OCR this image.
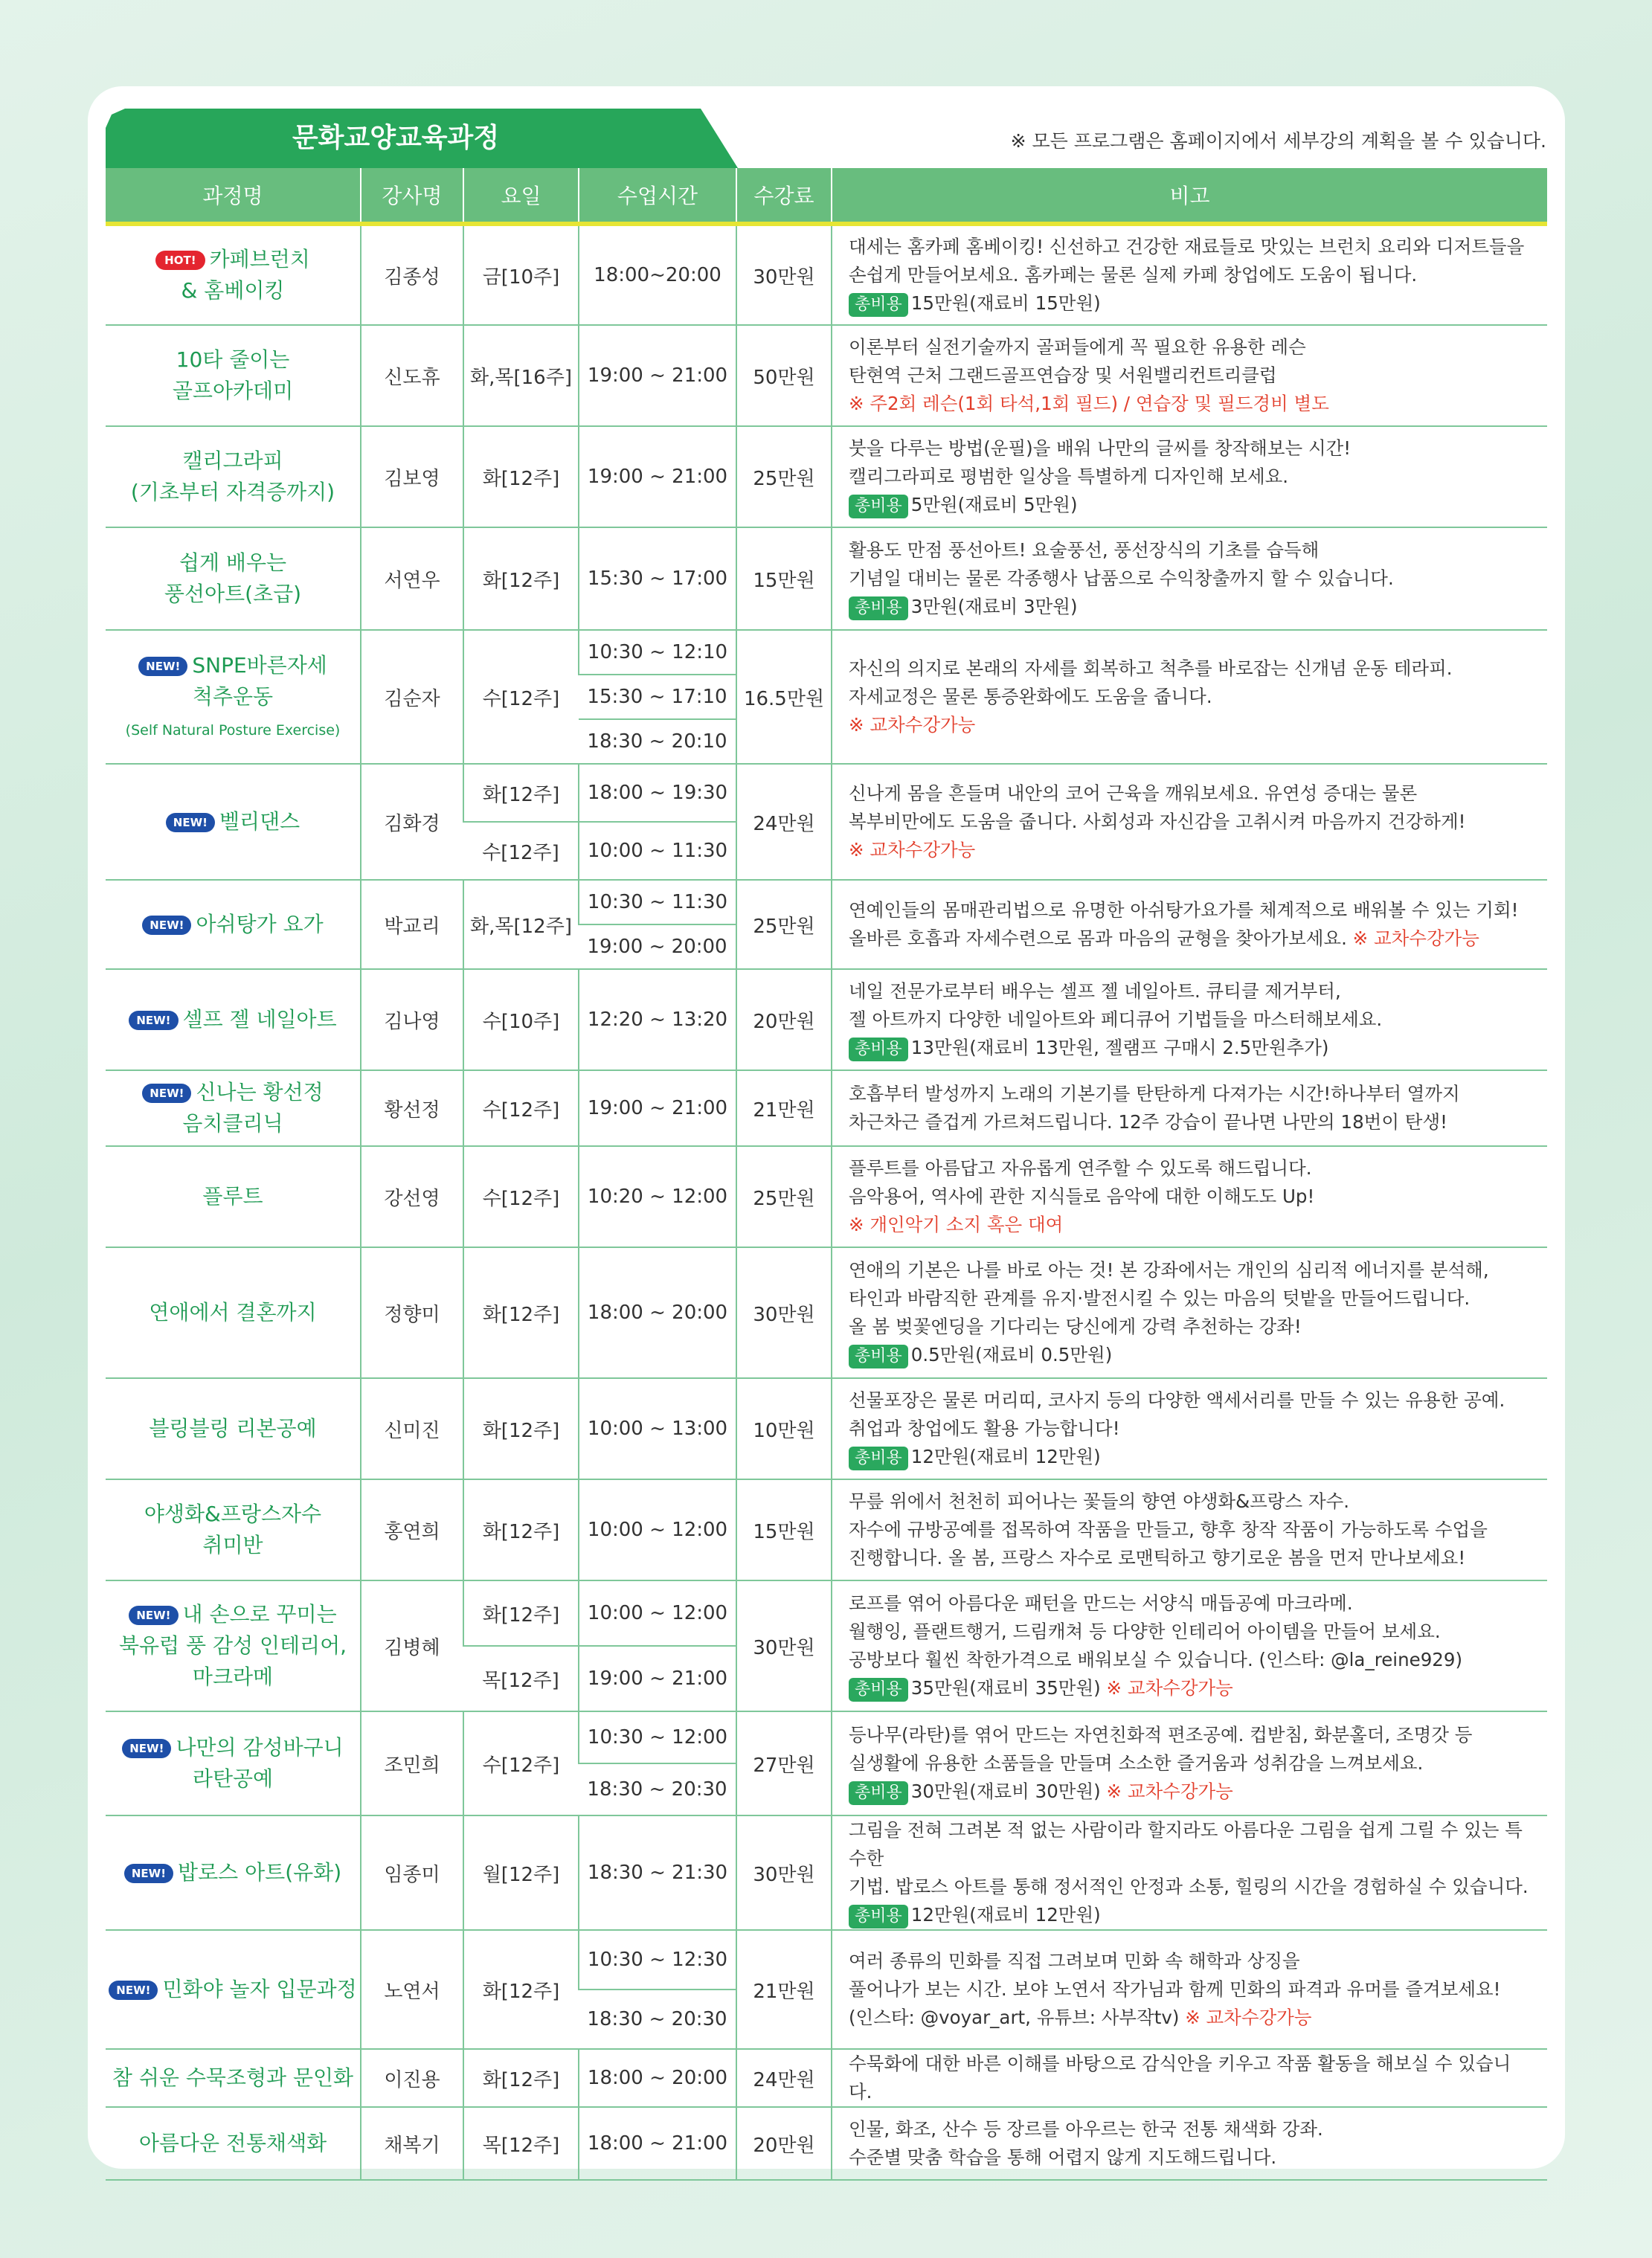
문화교양교육과정	※ 모든 프로그램은 홈페이지에서 세부강의 계획을 볼 수 있습니다.
과정명	강사명	요일	수업시간	수강료	비고
HOT! 카페브런치
& 홈베이킹	김종성	금[10주]	18:00~20:00	30만원	대세는 홈카페 홈베이킹! 신선하고 건강한 재료들로 맛있는 브런치 요리와 디저트들을
손쉽게 만들어보세요. 홈카페는 물론 실제 카페 창업에도 도움이 됩니다.
총비용 15만원(재료비 15만원)
10타 줄이는
골프아카데미	신도휴	화,목[16주]	19:00 ~ 21:00	50만원	이론부터 실전기술까지 골퍼들에게 꼭 필요한 유용한 레슨
탄현역 근처 그랜드골프연습장 및 서원밸리컨트리클럽
※ 주2회 레슨(1회 타석,1회 필드) / 연습장 및 필드경비 별도
캘리그라피
(기초부터 자격증까지)	김보영	화[12주]	19:00 ~ 21:00	25만원	붓을 다루는 방법(운필)을 배워 나만의 글씨를 창작해보는 시간!
캘리그라피로 평범한 일상을 특별하게 디자인해 보세요.
총비용 5만원(재료비 5만원)
쉽게 배우는
풍선아트(초급)	서연우	화[12주]	15:30 ~ 17:00	15만원	활용도 만점 풍선아트! 요술풍선, 풍선장식의 기초를 습득해
기념일 대비는 물론 각종행사 납품으로 수익창출까지 할 수 있습니다.
총비용 3만원(재료비 3만원)
NEW! SNPE바른자세
척추운동
(Self Natural Posture Exercise)	김순자	수[12주]	10:30 ~ 12:10	16.5만원	자신의 의지로 본래의 자세를 회복하고 척추를 바로잡는 신개념 운동 테라피.
자세교정은 물론 통증완화에도 도움을 줍니다.
※ 교차수강가능
			15:30 ~ 17:10		
			18:30 ~ 20:10		
NEW! 벨리댄스	김화경	화[12주]	18:00 ~ 19:30	24만원	신나게 몸을 흔들며 내안의 코어 근육을 깨워보세요. 유연성 증대는 물론
복부비만에도 도움을 줍니다. 사회성과 자신감을 고취시켜 마음까지 건강하게!
※ 교차수강가능
		수[12주]	10:00 ~ 11:30		
NEW! 아쉬탕가 요가	박교리	화,목[12주]	10:30 ~ 11:30	25만원	연예인들의 몸매관리법으로 유명한 아쉬탕가요가를 체계적으로 배워볼 수 있는 기회!
올바른 호흡과 자세수련으로 몸과 마음의 균형을 찾아가보세요. ※ 교차수강가능
			19:00 ~ 20:00		
NEW! 셀프 젤 네일아트	김나영	수[10주]	12:20 ~ 13:20	20만원	네일 전문가로부터 배우는 셀프 젤 네일아트. 큐티클 제거부터,
젤 아트까지 다양한 네일아트와 페디큐어 기법들을 마스터해보세요.
총비용 13만원(재료비 13만원, 젤램프 구매시 2.5만원추가)
NEW! 신나는 황선정
음치클리닉	황선정	수[12주]	19:00 ~ 21:00	21만원	호흡부터 발성까지 노래의 기본기를 탄탄하게 다져가는 시간!하나부터 열까지
차근차근 즐겁게 가르쳐드립니다. 12주 강습이 끝나면 나만의 18번이 탄생!
플루트	강선영	수[12주]	10:20 ~ 12:00	25만원	플루트를 아름답고 자유롭게 연주할 수 있도록 해드립니다.
음악용어, 역사에 관한 지식들로 음악에 대한 이해도도 Up!
※ 개인악기 소지 혹은 대여
연애에서 결혼까지	정향미	화[12주]	18:00 ~ 20:00	30만원	연애의 기본은 나를 바로 아는 것! 본 강좌에서는 개인의 심리적 에너지를 분석해,
타인과 바람직한 관계를 유지·발전시킬 수 있는 마음의 텃밭을 만들어드립니다.
올 봄 벚꽃엔딩을 기다리는 당신에게 강력 추천하는 강좌!
총비용 0.5만원(재료비 0.5만원)
블링블링 리본공예	신미진	화[12주]	10:00 ~ 13:00	10만원	선물포장은 물론 머리띠, 코사지 등의 다양한 액세서리를 만들 수 있는 유용한 공예.
취업과 창업에도 활용 가능합니다!
총비용 12만원(재료비 12만원)
야생화&프랑스자수
취미반	홍연희	화[12주]	10:00 ~ 12:00	15만원	무릎 위에서 천천히 피어나는 꽃들의 향연 야생화&프랑스 자수.
자수에 규방공예를 접목하여 작품을 만들고, 향후 창작 작품이 가능하도록 수업을
진행합니다. 올 봄, 프랑스 자수로 로맨틱하고 향기로운 봄을 먼저 만나보세요!
NEW! 내 손으로 꾸미는
북유럽 풍 감성 인테리어,
마크라메	김병혜	화[12주]	10:00 ~ 12:00	30만원	로프를 엮어 아름다운 패턴을 만드는 서양식 매듭공예 마크라메.
월행잉, 플랜트행거, 드림캐쳐 등 다양한 인테리어 아이템을 만들어 보세요.
공방보다 훨씬 착한가격으로 배워보실 수 있습니다. (인스타: @la_reine929)
총비용 35만원(재료비 35만원) ※ 교차수강가능
		목[12주]	19:00 ~ 21:00		
NEW! 나만의 감성바구니
라탄공예	조민희	수[12주]	10:30 ~ 12:00	27만원	등나무(라탄)를 엮어 만드는 자연친화적 편조공예. 컵받침, 화분홀더, 조명갓 등
실생활에 유용한 소품들을 만들며 소소한 즐거움과 성취감을 느껴보세요.
총비용 30만원(재료비 30만원) ※ 교차수강가능
			18:30 ~ 20:30		
NEW! 밥로스 아트(유화)	임종미	월[12주]	18:30 ~ 21:30	30만원	그림을 전혀 그려본 적 없는 사람이라 할지라도 아름다운 그림을 쉽게 그릴 수 있는 특수한
기법. 밥로스 아트를 통해 정서적인 안정과 소통, 힐링의 시간을 경험하실 수 있습니다.
총비용 12만원(재료비 12만원)
NEW! 민화야 놀자 입문과정	노연서	화[12주]	10:30 ~ 12:30	21만원	여러 종류의 민화를 직접 그려보며 민화 속 해학과 상징을
풀어나가 보는 시간. 보야 노연서 작가님과 함께 민화의 파격과 유머를 즐겨보세요!
(인스타: @voyar_art, 유튜브: 사부작tv) ※ 교차수강가능
			18:30 ~ 20:30		
참 쉬운 수묵조형과 문인화	이진용	화[12주]	18:00 ~ 20:00	24만원	수묵화에 대한 바른 이해를 바탕으로 감식안을 키우고 작품 활동을 해보실 수 있습니다.
아름다운 전통채색화	채복기	목[12주]	18:00 ~ 21:00	20만원	인물, 화조, 산수 등 장르를 아우르는 한국 전통 채색화 강좌.
수준별 맞춤 학습을 통해 어렵지 않게 지도해드립니다.
